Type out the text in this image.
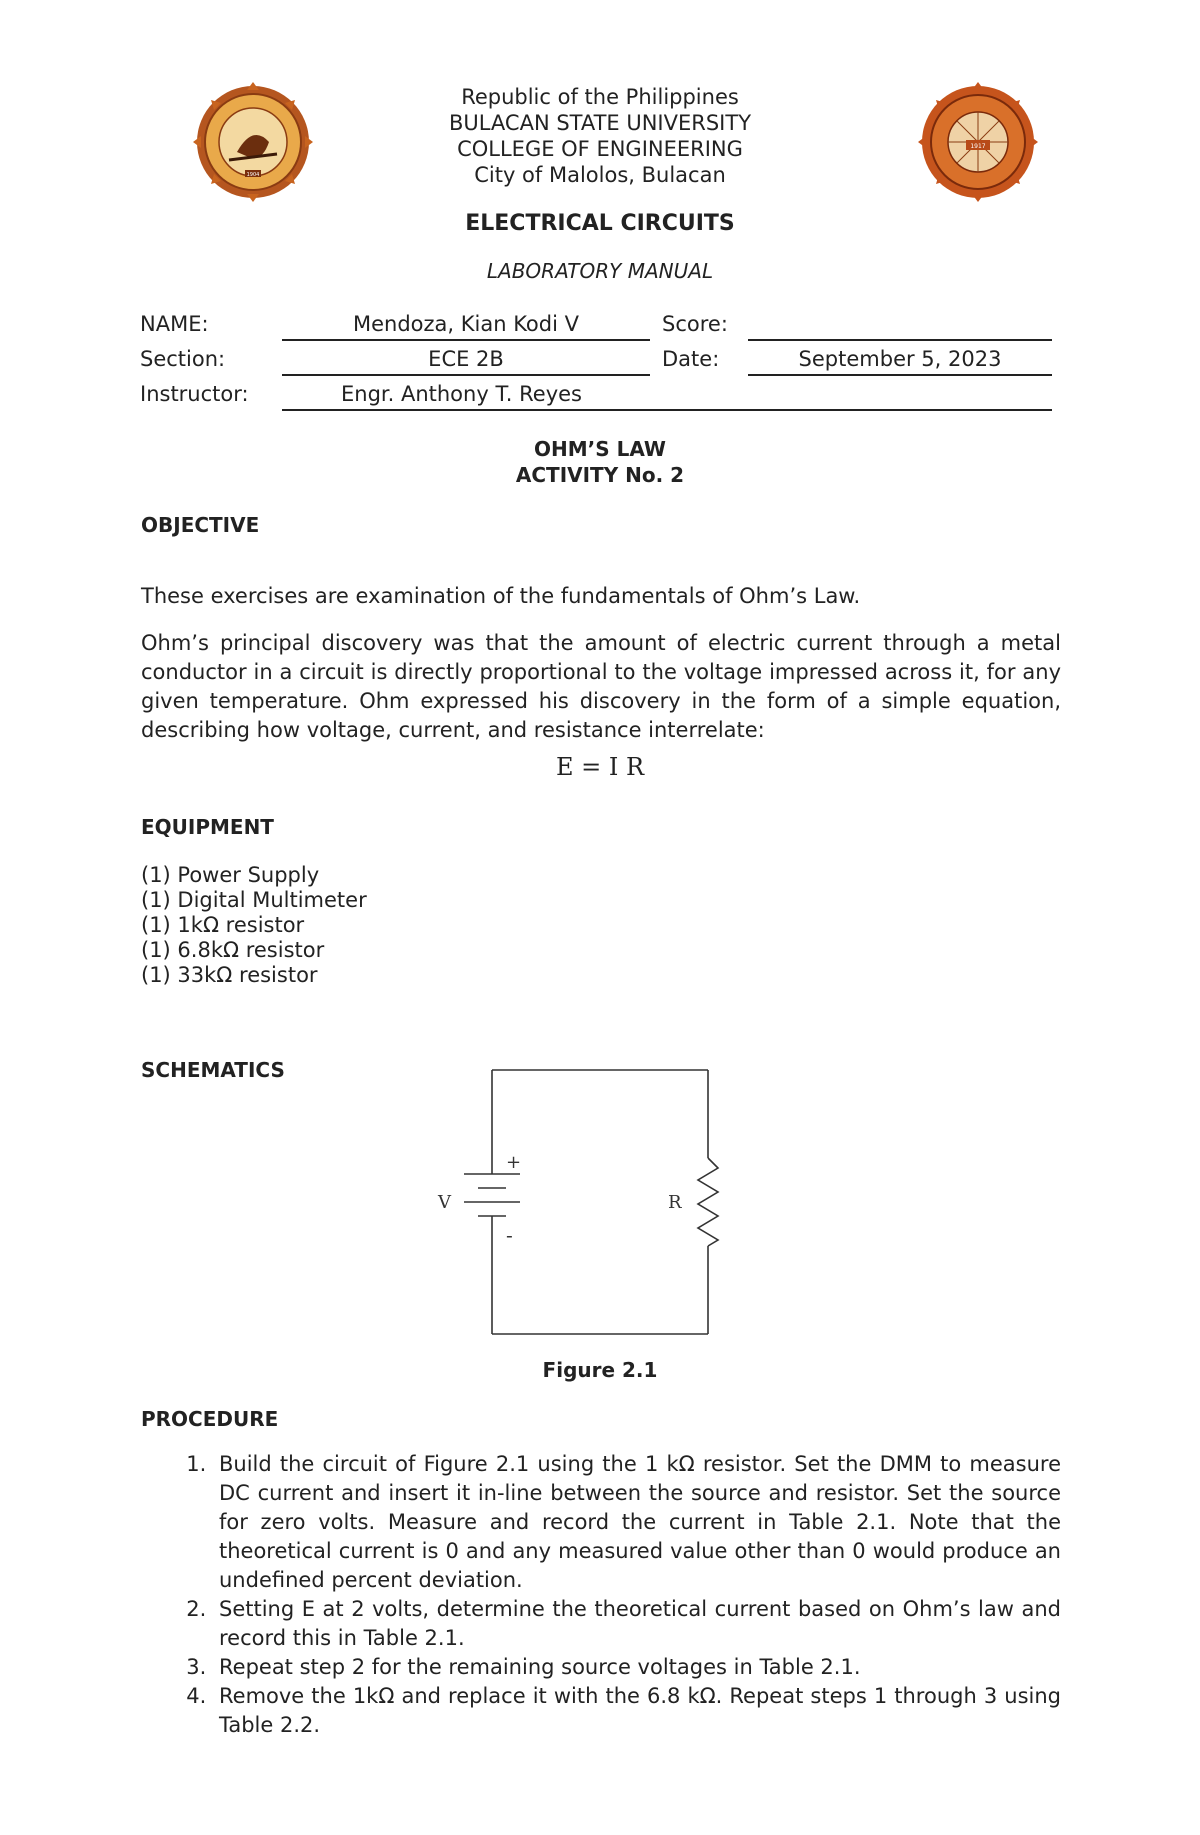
1904
1917
Republic of the Philippines
BULACAN STATE UNIVERSITY
COLLEGE OF ENGINEERING
City of Malolos, Bulacan
ELECTRICAL CIRCUITS
LABORATORY MANUAL
NAME:	Mendoza, Kian Kodi V	Score:
Section:	ECE 2B	Date:	September 5, 2023
Instructor:	Engr. Anthony T. Reyes
OHM’S LAW
ACTIVITY No. 2
OBJECTIVE
These exercises are examination of the fundamentals of Ohm’s Law.
Ohm’s principal discovery was that the amount of electric current through a metal conductor in a circuit is directly proportional to the voltage impressed across it, for any given temperature. Ohm expressed his discovery in the form of a simple equation, describing how voltage, current, and resistance interrelate:
E = I R
EQUIPMENT
(1) Power Supply
(1) Digital Multimeter
(1) 1kΩ resistor
(1) 6.8kΩ resistor
(1) 33kΩ resistor
SCHEMATICS
+
-
V	R
Figure 2.1
PROCEDURE
1. Build the circuit of Figure 2.1 using the 1 kΩ resistor. Set the DMM to measure DC current and insert it in-line between the source and resistor. Set the source for zero volts. Measure and record the current in Table 2.1. Note that the theoretical current is 0 and any measured value other than 0 would produce an undefined percent deviation.
2. Setting E at 2 volts, determine the theoretical current based on Ohm’s law and record this in Table 2.1.
3. Repeat step 2 for the remaining source voltages in Table 2.1.
4. Remove the 1kΩ and replace it with the 6.8 kΩ. Repeat steps 1 through 3 using Table 2.2.
